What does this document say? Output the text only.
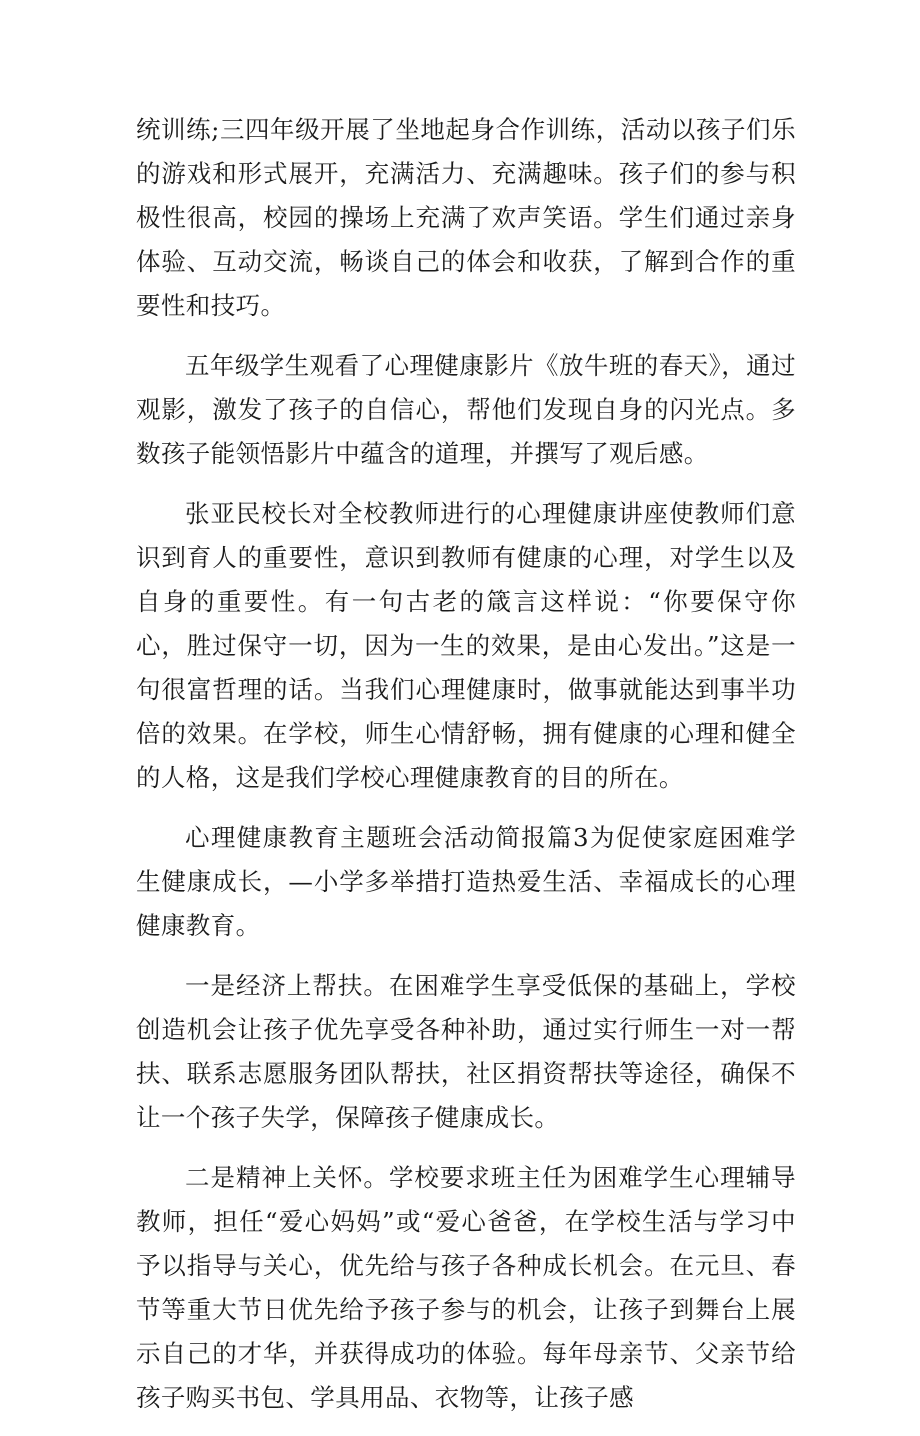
统训练;三四年级开展了坐地起身合作训练，活动以孩子们乐的游戏和形式展开，充满活力、充满趣味。孩子们的参与积极性很高，校园的操场上充满了欢声笑语。学生们通过亲身体验、互动交流，畅谈自己的体会和收获，了解到合作的重要性和技巧。

五年级学生观看了心理健康影片《放牛班的春天》，通过观影，激发了孩子的自信心，帮他们发现自身的闪光点。多数孩子能领悟影片中蕴含的道理，并撰写了观后感。

张亚民校长对全校教师进行的心理健康讲座使教师们意识到育人的重要性，意识到教师有健康的心理，对学生以及自身的重要性。有一句古老的箴言这样说：“你要保守你心，胜过保守一切，因为一生的效果，是由心发出。”这是一句很富哲理的话。当我们心理健康时，做事就能达到事半功倍的效果。在学校，师生心情舒畅，拥有健康的心理和健全的人格，这是我们学校心理健康教育的目的所在。

心理健康教育主题班会活动简报篇3为促使家庭困难学生健康成长，—小学多举措打造热爱生活、幸福成长的心理健康教育。

一是经济上帮扶。在困难学生享受低保的基础上，学校创造机会让孩子优先享受各种补助，通过实行师生一对一帮扶、联系志愿服务团队帮扶，社区捐资帮扶等途径，确保不让一个孩子失学，保障孩子健康成长。

二是精神上关怀。学校要求班主任为困难学生心理辅导教师，担任“爱心妈妈”或“爱心爸爸，在学校生活与学习中予以指导与关心，优先给与孩子各种成长机会。在元旦、春节等重大节日优先给予孩子参与的机会，让孩子到舞台上展示自己的才华，并获得成功的体验。每年母亲节、父亲节给孩子购买书包、学具用品、衣物等，让孩子感
